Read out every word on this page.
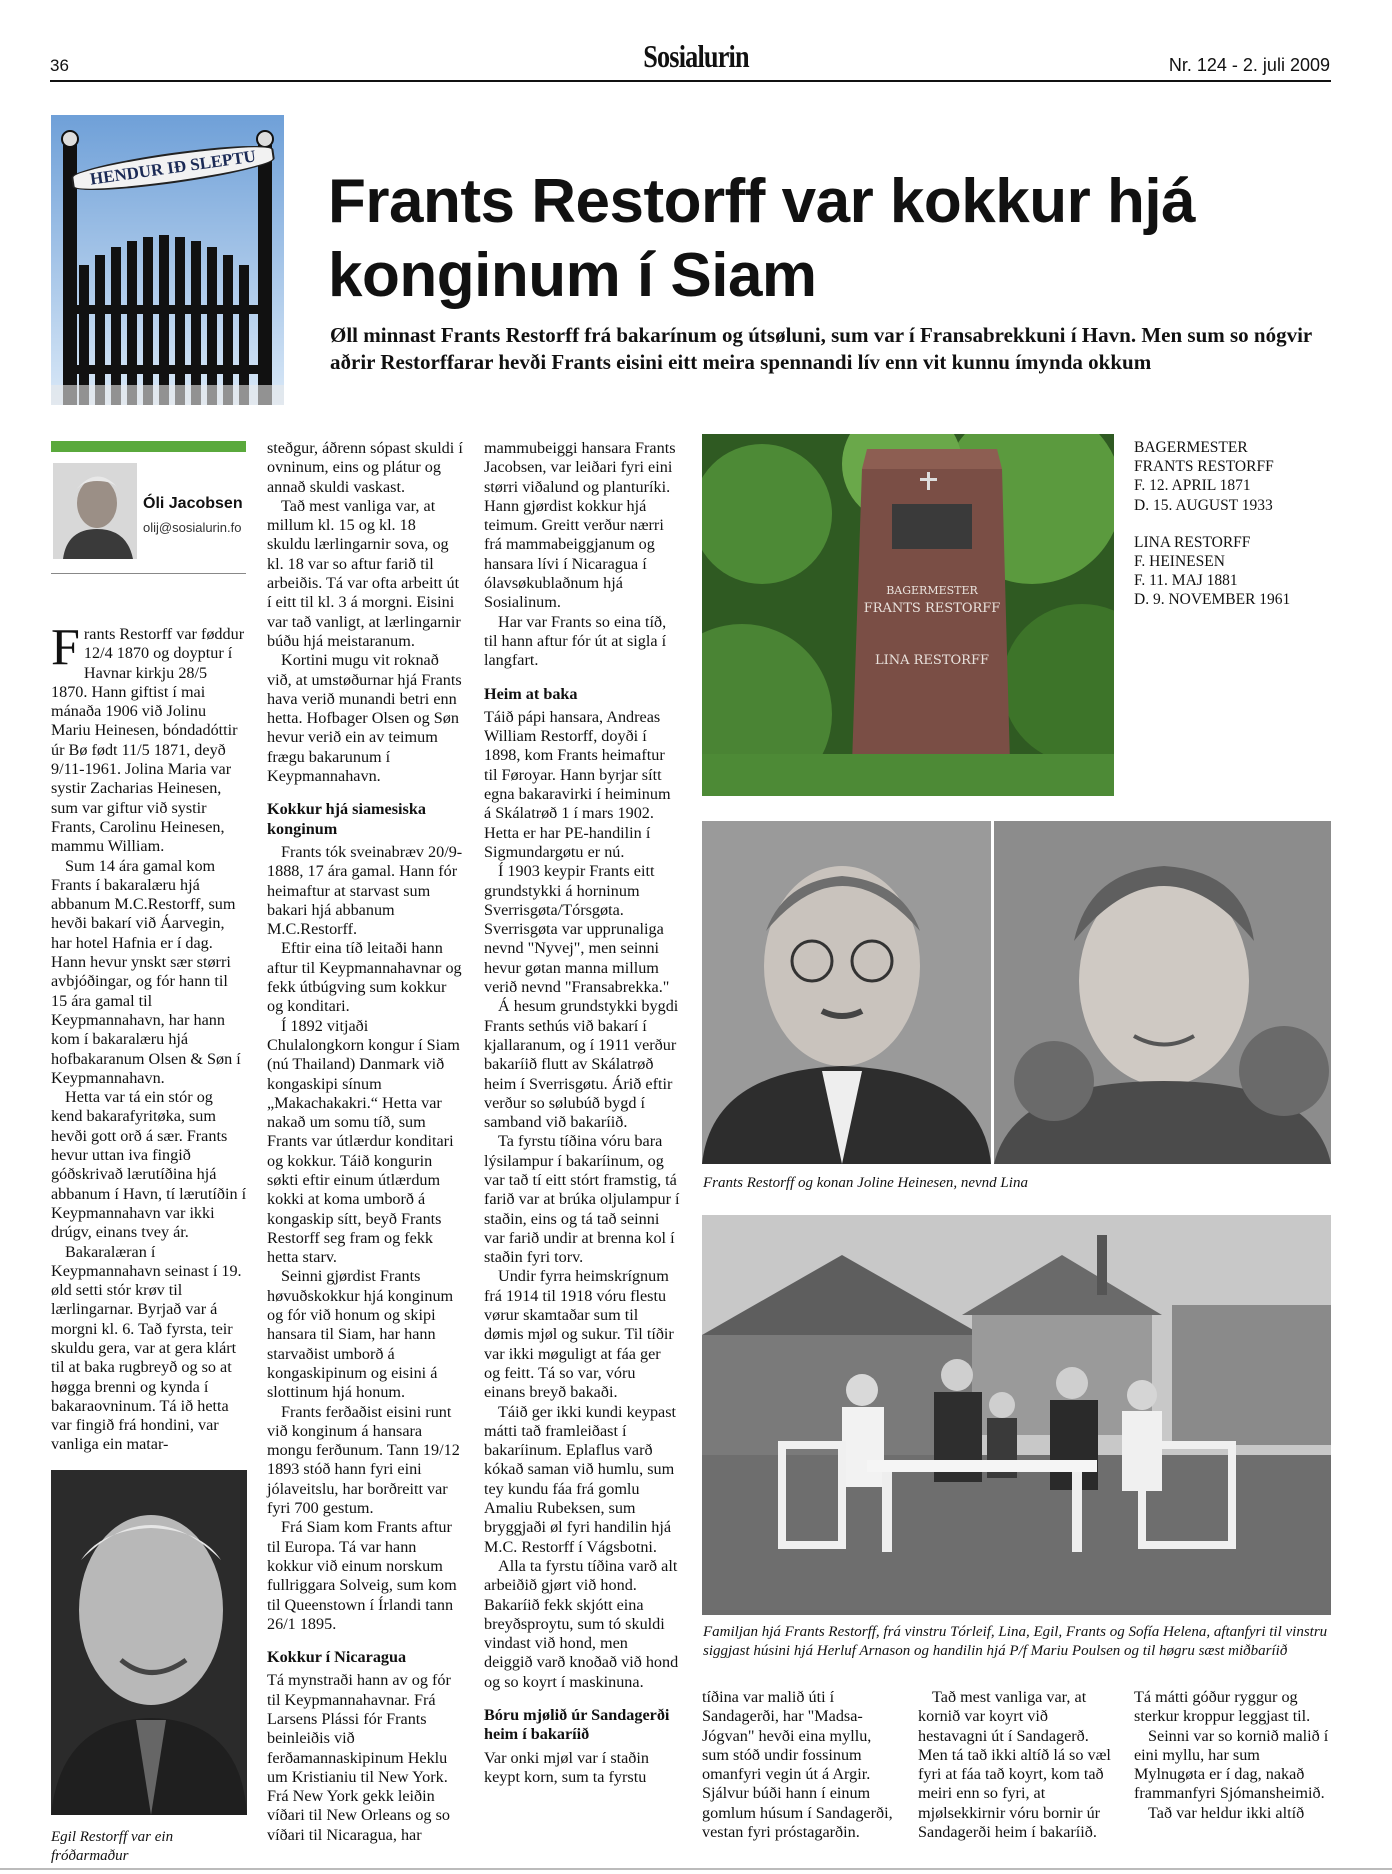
36	Sosialurin	Nr. 124 - 2. juli 2009
HENDUR IÐ SLEPTU	Frants Restorff var kokkur hjá konginum í Siam
Øll minnast Frants Restorff frá bakarínum og útsøluni, sum var í Fransabrekkuni í Havn. Men sum so nógvir aðrir Restorffarar hevði Frants eisini eitt meira spennandi lív enn vit kunnu ímynda okkum
Óli Jacobsen
olij@sosialurin.fo

Frants Restorff var føddur 12/4 1870 og doyptur í Havnar kirkju 28/5 1870. Hann giftist í mai mánaða 1906 við Jolinu Mariu Heinesen, bóndadóttir úr Bø født 11/5 1871, deyð 9/11-1961. Jolina Maria var systir Zacharias Heinesen, sum var giftur við systir Frants, Carolinu Heinesen, mammu William.

Sum 14 ára gamal kom Frants í bakaralæru hjá abbanum M.C.Restorff, sum hevði bakarí við Áarvegin, har hotel Hafnia er í dag. Hann hevur ynskt sær størri avbjóðingar, og fór hann til 15 ára gamal til Keypmannahavn, har hann kom í bakaralæru hjá hofbakaranum Olsen & Søn í Keypmannahavn.

Hetta var tá ein stór og kend bakarafyritøka, sum hevði gott orð á sær. Frants hevur uttan iva fingið góðskrivað lærutíðina hjá abbanum í Havn, tí lærutíðin í Keypmannahavn var ikki drúgv, einans tvey ár.

Bakaralæran í Keypmannahavn seinast í 19. øld setti stór krøv til lærlingarnar. Byrjað var á morgni kl. 6. Tað fyrsta, teir skuldu gera, var at gera klárt til at baka rugbreyð og so at høgga brenni og kynda í bakaraovninum. Tá ið hetta var fingið frá hondini, var vanliga ein matar-

steðgur, áðrenn sópast skuldi í ovninum, eins og plátur og annað skuldi vaskast.

Tað mest vanliga var, at millum kl. 15 og kl. 18 skuldu lærlingarnir sova, og kl. 18 var so aftur farið til arbeiðis. Tá var ofta arbeitt út í eitt til kl. 3 á morgni. Eisini var tað vanligt, at lærlingarnir búðu hjá meistaranum.

Kortini mugu vit roknað við, at umstøðurnar hjá Frants hava verið munandi betri enn hetta. Hofbager Olsen og Søn hevur verið ein av teimum frægu bakarunum í Keypmannahavn.

Kokkur hjá siamesiska konginum

Frants tók sveinabræv 20/9-1888, 17 ára gamal. Hann fór heimaftur at starvast sum bakari hjá abbanum M.C.Restorff.

Eftir eina tíð leitaði hann aftur til Keypmannahavnar og fekk útbúgving sum kokkur og konditari.

Í 1892 vitjaði Chulalongkorn kongur í Siam (nú Thailand) Danmark við kongaskipi sínum „Makachakakri.“ Hetta var nakað um somu tíð, sum Frants var útlærdur konditari og kokkur. Táið kongurin søkti eftir einum útlærdum kokki at koma umborð á kongaskip sítt, beyð Frants Restorff seg fram og fekk hetta starv.

Seinni gjørdist Frants høvuðskokkur hjá konginum og fór við honum og skipi hansara til Siam, har hann starvaðist umborð á kongaskipinum og eisini á slottinum hjá honum.

Frants ferðaðist eisini runt við konginum á hansara mongu ferðunum. Tann 19/12 1893 stóð hann fyri eini jólaveitslu, har borðreitt var fyri 700 gestum.

Frá Siam kom Frants aftur til Europa. Tá var hann kokkur við einum norskum fullriggara Solveig, sum kom til Queenstown í Írlandi tann 26/1 1895.

Kokkur í Nicaragua

Tá mynstraði hann av og fór til Keypmannahavnar. Frá Larsens Plássi fór Frants beinleiðis við ferðamannaskipinum Heklu um Kristianiu til New York. Frá New York gekk leiðin víðari til New Orleans og so víðari til Nicaragua, har

mammubeiggi hansara Frants Jacobsen, var leiðari fyri eini størri viðalund og planturíki. Hann gjørdist kokkur hjá teimum. Greitt verður nærri frá mammabeiggjanum og hansara lívi í Nicaragua í ólavsøkublaðnum hjá Sosialinum.

Har var Frants so eina tíð, til hann aftur fór út at sigla í langfart.

Heim at baka

Táið pápi hansara, Andreas William Restorff, doyði í 1898, kom Frants heimaftur til Føroyar. Hann byrjar sítt egna bakaravirki í heiminum á Skálatrøð 1 í mars 1902. Hetta er har PE-handilin í Sigmundargøtu er nú.

Í 1903 keypir Frants eitt grundstykki á horninum Sverrisgøta/Tórsgøta. Sverrisgøta var upprunaliga nevnd "Nyvej", men seinni hevur gøtan manna millum verið nevnd "Fransabrekka."

Á hesum grundstykki bygdi Frants sethús við bakarí í kjallaranum, og í 1911 verður bakaríið flutt av Skálatrøð heim í Sverrisgøtu. Árið eftir verður so sølubúð bygd í samband við bakaríið.

Ta fyrstu tíðina vóru bara lýsilampur í bakaríinum, og var tað tí eitt stórt framstig, tá farið var at brúka oljulampur í staðin, eins og tá tað seinni var farið undir at brenna kol í staðin fyri torv.

Undir fyrra heimskrígnum frá 1914 til 1918 vóru flestu vørur skamtaðar sum til dømis mjøl og sukur. Til tíðir var ikki møguligt at fáa ger og feitt. Tá so var, vóru einans breyð bakaði.

Táið ger ikki kundi keypast mátti tað framleiðast í bakaríinum. Eplaflus varð kókað saman við humlu, sum tey kundu fáa frá gomlu Amaliu Rubeksen, sum bryggjaði øl fyri handilin hjá M.C. Restorff í Vágsbotni.

Alla ta fyrstu tíðina varð alt arbeiðið gjørt við hond. Bakaríið fekk skjótt eina breyðsproytu, sum tó skuldi vindast við hond, men deiggið varð knoðað við hond og so koyrt í maskinuna.

Bóru mjølið úr Sandagerði heim í bakaríið

Var onki mjøl var í staðin keypt korn, sum ta fyrstu

Egil Restorff var ein fróðarmaður
BAGERMESTER
FRANTS RESTORFF
LINA RESTORFF

BAGERMESTER
FRANTS RESTORFF
F. 12. APRIL 1871
D. 15. AUGUST 1933

LINA RESTORFF
F. HEINESEN
F. 11. MAJ 1881
D. 9. NOVEMBER 1961

Frants Restorff og konan Joline Heinesen, nevnd Lina
Familjan hjá Frants Restorff, frá vinstru Tórleif, Lina, Egil, Frants og Sofía Helena, aftanfyri til vinstru siggjast húsini hjá Herluf Arnason og handilin hjá P/f Mariu Poulsen og til høgru sæst miðbaríið

tíðina var malið úti í Sandagerði, har "Madsa-Jógvan" hevði eina myllu, sum stóð undir fossinum omanfyri vegin út á Argir. Sjálvur búði hann í einum gomlum húsum í Sandagerði, vestan fyri próstagarðin.

Tað mest vanliga var, at kornið var koyrt við hestavagni út í Sandagerð. Men tá tað ikki altíð lá so væl fyri at fáa tað koyrt, kom tað meiri enn so fyri, at mjølsekkirnir vóru bornir úr Sandagerði heim í bakaríið.

Tá mátti góður ryggur og sterkur kroppur leggjast til.

Seinni var so kornið malið í eini myllu, har sum Mylnugøta er í dag, nakað frammanfyri Sjómansheimið.

Tað var heldur ikki altíð
